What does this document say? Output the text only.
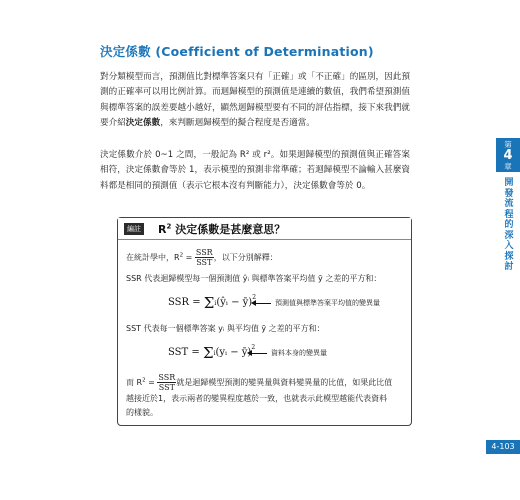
決定係數 (Coefficient of Determination)
對分類模型而言，預測值比對標準答案只有「正確」或「不正確」的區別，因此預測的正確率可以用比例計算。而迴歸模型的預測值是連續的數值，我們希望預測值與標準答案的誤差要越小越好，顯然迴歸模型要有不同的評估指標，接下來我們就要介紹決定係數，來判斷迴歸模型的擬合程度是否適當。
決定係數介於 0~1 之間，一般記為 R² 或 r²。如果迴歸模型的預測值與正確答案相符，決定係數會等於 1，表示模型的預測非常準確；若迴歸模型不論輸入甚麼資料都是相同的預測值（表示它根本沒有判斷能力），決定係數會等於 0。
第
4
章
開發流程的深入探討
編註 $R^2$ 決定係數是甚麼意思？
在統計學中，$R^2 = \frac{\text{SSR}}{\text{SST}}$ ，以下分別解釋：
SSR 代表迴歸模型每一個預測值 ŷᵢ 與標準答案平均值 ȳ 之差的平方和：
SSR = Σi(ŷᵢ − ȳ)$^2$
預測值與標準答案平均值的變異量
SST 代表每一個標準答案 yᵢ 與平均值 ȳ 之差的平方和：
SST = Σi(yᵢ − ȳ)$^2$
資料本身的變異量
而 $R^2 = \frac{\text{SSR}}{\text{SST}}$ 就是迴歸模型預測的變異量與資料變異量的比值，如果此比值
越接近於1，表示兩者的變異程度越於一致，也就表示此模型越能代表資料
的樣貌。
4-103
